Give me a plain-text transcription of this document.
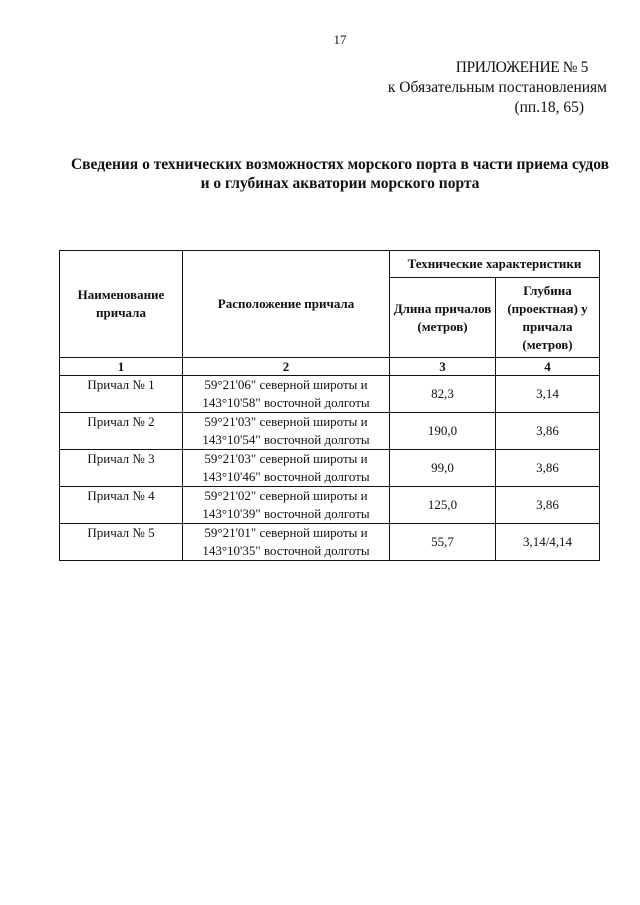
17
ПРИЛОЖЕНИЕ № 5
к Обязательным постановлениям
(пп.18, 65)
Сведения о технических возможностях морского порта в части приема судов
и о глубинах акватории морского порта
Наименование причала	Расположение причала	Технические характеристики	
		Длина причалов (метров)	Глубина (проектная) у причала (метров)
1	2	3	4
Причал № 1	59°21'06" северной широты и
143°10'58" восточной долготы	82,3	3,14
Причал № 2	59°21'03" северной широты и
143°10'54" восточной долготы	190,0	3,86
Причал № 3	59°21'03" северной широты и
143°10'46" восточной долготы	99,0	3,86
Причал № 4	59°21'02" северной широты и
143°10'39" восточной долготы	125,0	3,86
Причал № 5	59°21'01" северной широты и
143°10'35" восточной долготы	55,7	3,14/4,14
